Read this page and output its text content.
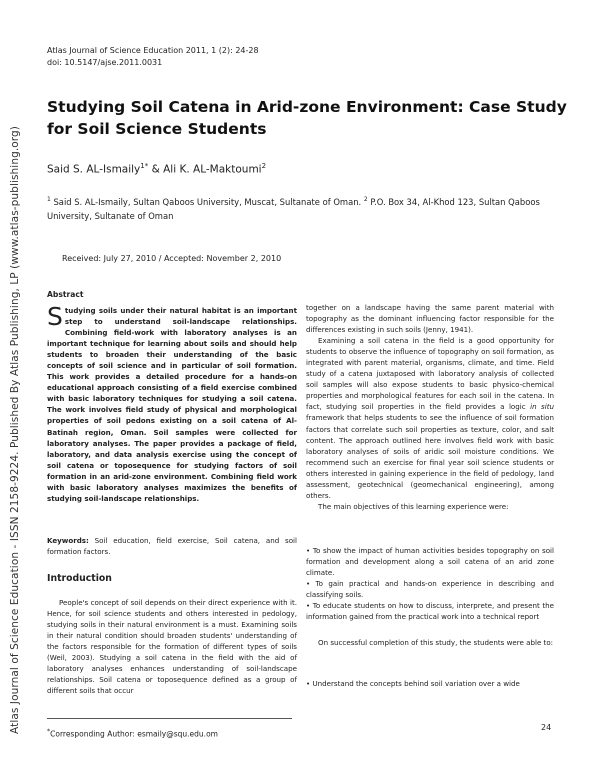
Atlas Journal of Science Education - ISSN 2158-9224. Published By Atlas Publishing, LP (www.atlas-publishing.org)
Atlas Journal of Science Education 2011, 1 (2): 24-28
doi: 10.5147/ajse.2011.0031
Studying Soil Catena in Arid-zone Environment: Case Study for Soil Science Students
Said S. AL-Ismaily$^{1*}$ & Ali K. AL-Maktoumi$^2$
$^1$ Said S. AL-Ismaily, Sultan Qaboos University, Muscat, Sultanate of Oman. $^2$ P.O. Box 34, Al-Khod 123, Sultan Qaboos University, Sultanate of Oman
Received: July 27, 2010 / Accepted: November 2, 2010
Abstract
Studying soils under their natural habitat is an important step to understand soil-landscape relationships. Combining field-work with laboratory analyses is an important technique for learning about soils and should help students to broaden their understanding of the basic concepts of soil science and in particular of soil formation. This work provides a detailed procedure for a hands-on educational approach consisting of a field exercise combined with basic laboratory techniques for studying a soil catena. The work involves field study of physical and morphological properties of soil pedons existing on a soil catena of Al-Batinah region, Oman. Soil samples were collected for laboratory analyses. The paper provides a package of field, laboratory, and data analysis exercise using the concept of soil catena or toposequence for studying factors of soil formation in an arid-zone environment. Combining field work with basic laboratory analyses maximizes the benefits of studying soil-landscape relationships.
Keywords: Soil education, field exercise, Soil catena, and soil formation factors.
Introduction
People's concept of soil depends on their direct experience with it. Hence, for soil science students and others interested in pedology, studying soils in their natural environment is a must. Examining soils in their natural condition should broaden students' understanding of the factors responsible for the formation of different types of soils (Weil, 2003). Studying a soil catena in the field with the aid of laboratory analyses enhances understanding of soil-landscape relationships. Soil catena or toposequence defined as a group of different soils that occur

together on a landscape having the same parent material with topography as the dominant influencing factor responsible for the differences existing in such soils (Jenny, 1941).

Examining a soil catena in the field is a good opportunity for students to observe the influence of topography on soil formation, as integrated with parent material, organisms, climate, and time. Field study of a catena juxtaposed with laboratory analysis of collected soil samples will also expose students to basic physico-chemical properties and morphological features for each soil in the catena. In fact, studying soil properties in the field provides a logic in situ framework that helps students to see the influence of soil formation factors that correlate such soil properties as texture, color, and salt content. The approach outlined here involves field work with basic laboratory analyses of soils of aridic soil moisture conditions. We recommend such an exercise for final year soil science students or others interested in gaining experience in the field of pedology, land assessment, geotechnical (geomechanical engineering), among others.

The main objectives of this learning experience were:

• To show the impact of human activities besides topography on soil formation and development along a soil catena of an arid zone climate.

• To gain practical and hands-on experience in describing and classifying soils.

• To educate students on how to discuss, interprete, and present the information gained from the practical work into a technical report

On successful completion of this study, the students were able to:
• Understand the concepts behind soil variation over a wide
*Corresponding Author: esmaily@squ.edu.om
24
